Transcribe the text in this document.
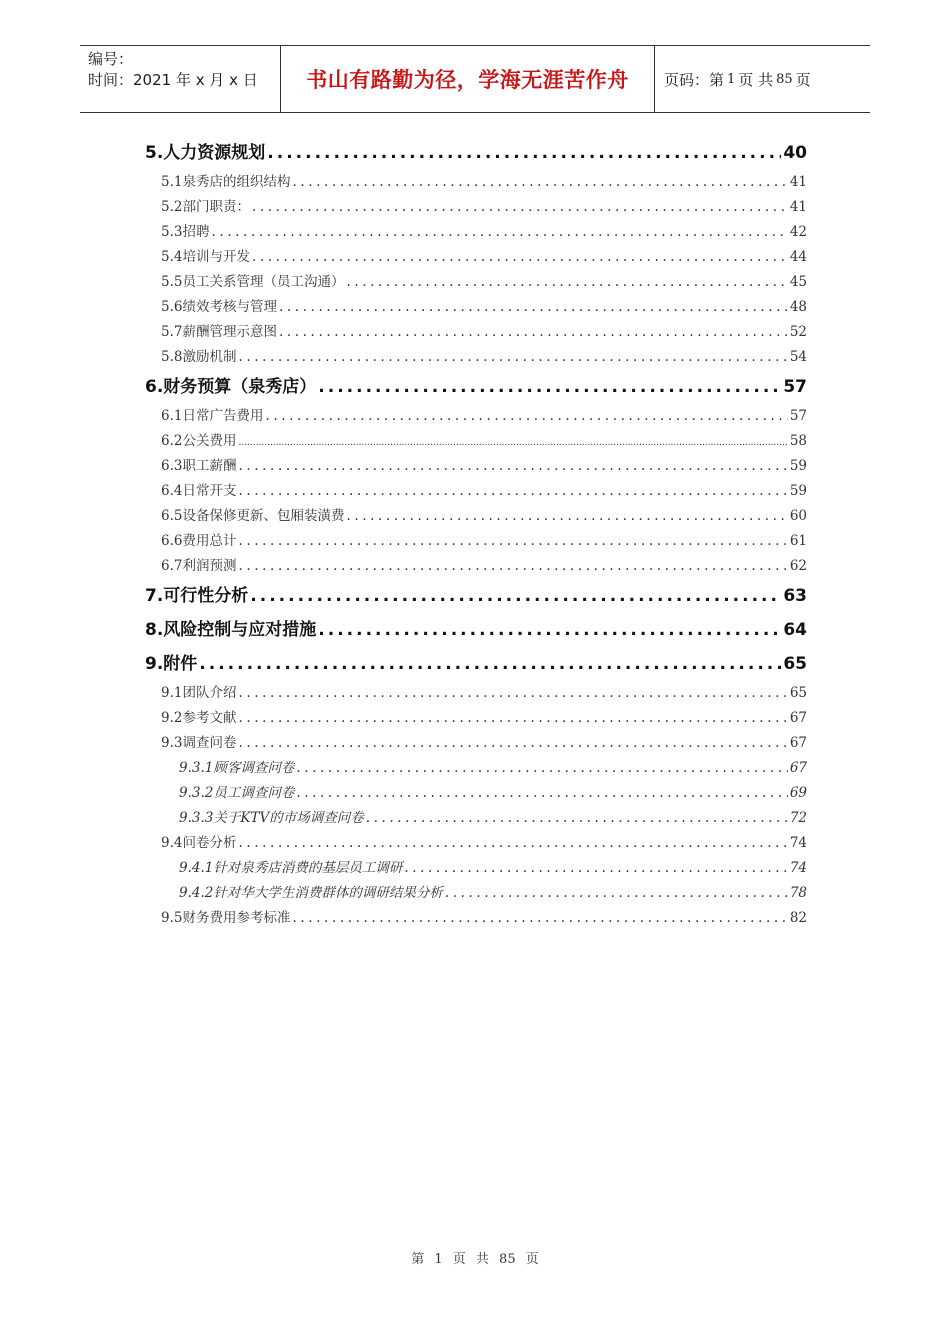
编号：
时间：2021 年 x 月 x 日	书山有路勤为径，学海无涯苦作舟	页码：第 1 页 共 85 页
5.人力资源规划 .....	40
5.1泉秀店的组织结构 .....	41
5.2部门职责： .....	41
5.3招聘 .....	42
5.4培训与开发 .....	44
5.5员工关系管理（员工沟通） .....	45
5.6绩效考核与管理 .....	48
5.7薪酬管理示意图 .....	52
5.8激励机制 .....	54
6.财务预算（泉秀店） .....	57
6.1日常广告费用 .....	57
6.2公关费用 .....	58
6.3职工薪酬 .....	59
6.4日常开支 .....	59
6.5设备保修更新、包厢装潢费 .....	60
6.6费用总计 .....	61
6.7利润预测 .....	62
7.可行性分析 .....	63
8.风险控制与应对措施 .....	64
9.附件 .....	65
9.1团队介绍 .....	65
9.2参考文献 .....	67
9.3调查问卷 .....	67
9.3.1顾客调查问卷 .....	67
9.3.2员工调查问卷 .....	69
9.3.3关于KTV的市场调查问卷 .....	72
9.4问卷分析 .....	74
9.4.1针对泉秀店消费的基层员工调研 .....	74
9.4.2针对华大学生消费群体的调研结果分析 .....	78
9.5财务费用参考标准 .....	82
第 1 页 共 85 页
